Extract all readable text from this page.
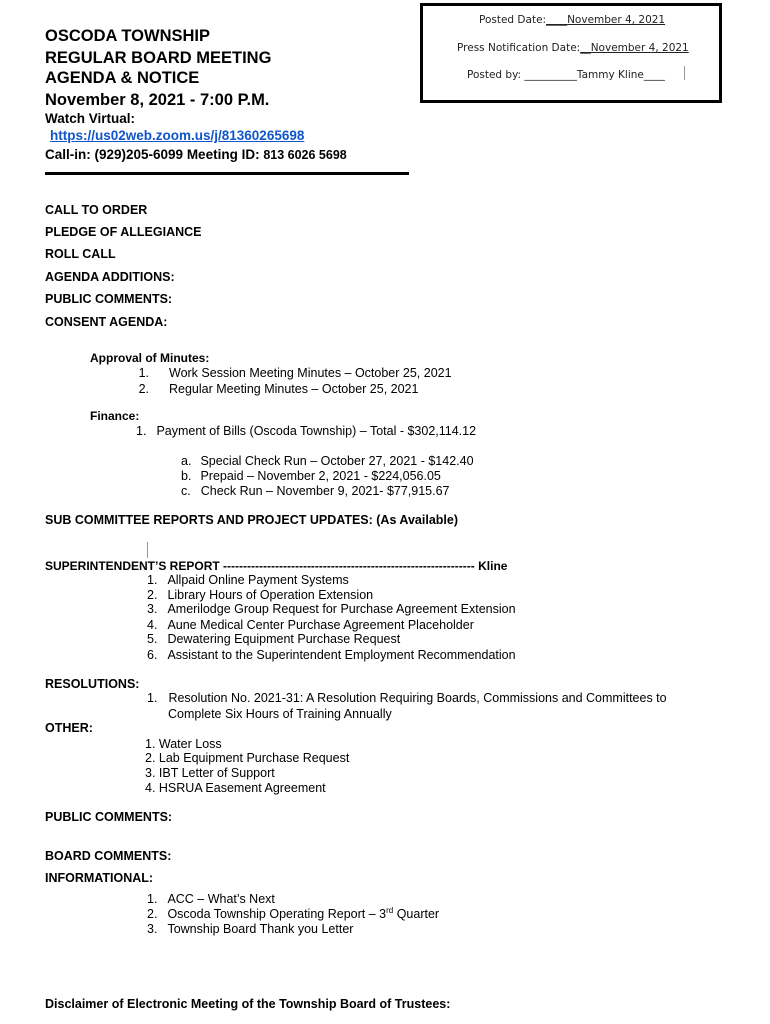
Posted Date:____November 4, 2021
Press Notification Date:__November 4, 2021
Posted by: __________Tammy Kline____
OSCODA TOWNSHIP
REGULAR BOARD MEETING
AGENDA & NOTICE
November 8, 2021 - 7:00 P.M.
Watch Virtual:
https://us02web.zoom.us/j/81360265698
Call-in: (929)205-6099 Meeting ID: 813 6026 5698
CALL TO ORDER
PLEDGE OF ALLEGIANCE
ROLL CALL
AGENDA ADDITIONS:
PUBLIC COMMENTS:
CONSENT AGENDA:
Approval of Minutes:
1. Work Session Meeting Minutes – October 25, 2021
2. Regular Meeting Minutes – October 25, 2021
Finance:
1. Payment of Bills (Oscoda Township) – Total - $302,114.12
a. Special Check Run – October 27, 2021 - $142.40
b. Prepaid – November 2, 2021 - $224,056.05
c. Check Run – November 9, 2021- $77,915.67
SUB COMMITTEE REPORTS AND PROJECT UPDATES: (As Available)
SUPERINTENDENT’S REPORT --------------------------------------------------------------- Kline
1. Allpaid Online Payment Systems
2. Library Hours of Operation Extension
3. Amerilodge Group Request for Purchase Agreement Extension
4. Aune Medical Center Purchase Agreement Placeholder
5. Dewatering Equipment Purchase Request
6. Assistant to the Superintendent Employment Recommendation
RESOLUTIONS:
1. Resolution No. 2021-31: A Resolution Requiring Boards, Commissions and Committees to
Complete Six Hours of Training Annually
OTHER:
1. Water Loss
2. Lab Equipment Purchase Request
3. IBT Letter of Support
4. HSRUA Easement Agreement
PUBLIC COMMENTS:
BOARD COMMENTS:
INFORMATIONAL:
1. ACC – What’s Next
2. Oscoda Township Operating Report – 3rd Quarter
3. Township Board Thank you Letter
Disclaimer of Electronic Meeting of the Township Board of Trustees:
